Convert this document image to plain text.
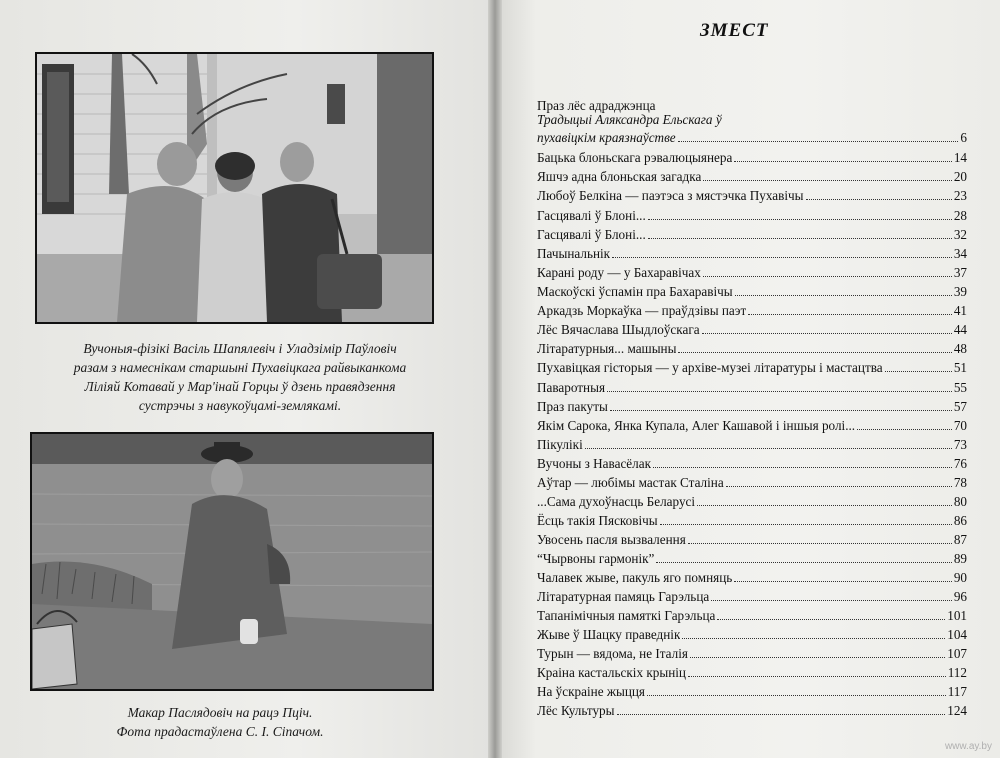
Вучоныя-фізікі Васіль Шапялевіч і Уладзімір Паўловіч
разам з намеснікам старшыні Пухавіцкага райвыканкома
Ліліяй Котавай у Мар'інай Горцы ў дзень правядзення
сустрэчы з навукоўцамі-землякамі.
Макар Паслядовіч на рацэ Пціч.
Фота прадастаўлена С. І. Сіпачом.
ЗМЕСТ
Праз лёс адраджэнца
Традыцыі Аляксандра Ельскага ў
пухавіцкім краязнаўстве	6
Бацька блоньскага рэвалюцыянера	14
Яшчэ адна блоньская загадка	20
Любоў Белкіна — паэтэса з мястэчка Пухавічы	23
Гасцявалі ў Блоні...	28
Гасцявалі ў Блоні...	32
Пачынальнік	34
Карані роду — у Бахаравічах	37
Маскоўскі ўспамін пра Бахаравічы	39
Аркадзь Моркаўка — праўдзівы паэт	41
Лёс Вячаслава Шыдлоўскага	44
Літаратурныя... машыны	48
Пухавіцкая гісторыя — у архіве-музеі літаратуры і мастацтва	51
Паваротныя	55
Праз пакуты	57
Якім Сарока, Янка Купала, Алег Кашавой і іншыя ролі...	70
Пікулікі	73
Вучоны з Навасёлак	76
Аўтар — любімы мастак Сталіна	78
...Сама духоўнасць Беларусі	80
Ёсць такія Пясковічы	86
Увосень пасля вызвалення	87
“Чырвоны гармонік”	89
Чалавек жыве, пакуль яго помняць	90
Літаратурная памяць Гарэльца	96
Тапанімічныя памяткі Гарэльца	101
Жыве ў Шацку праведнік	104
Турын — вядома, не Італія	107
Краіна кастальскіх крыніц	112
На ўскраіне жыцця	117
Лёс Культуры	124
www.ay.by
